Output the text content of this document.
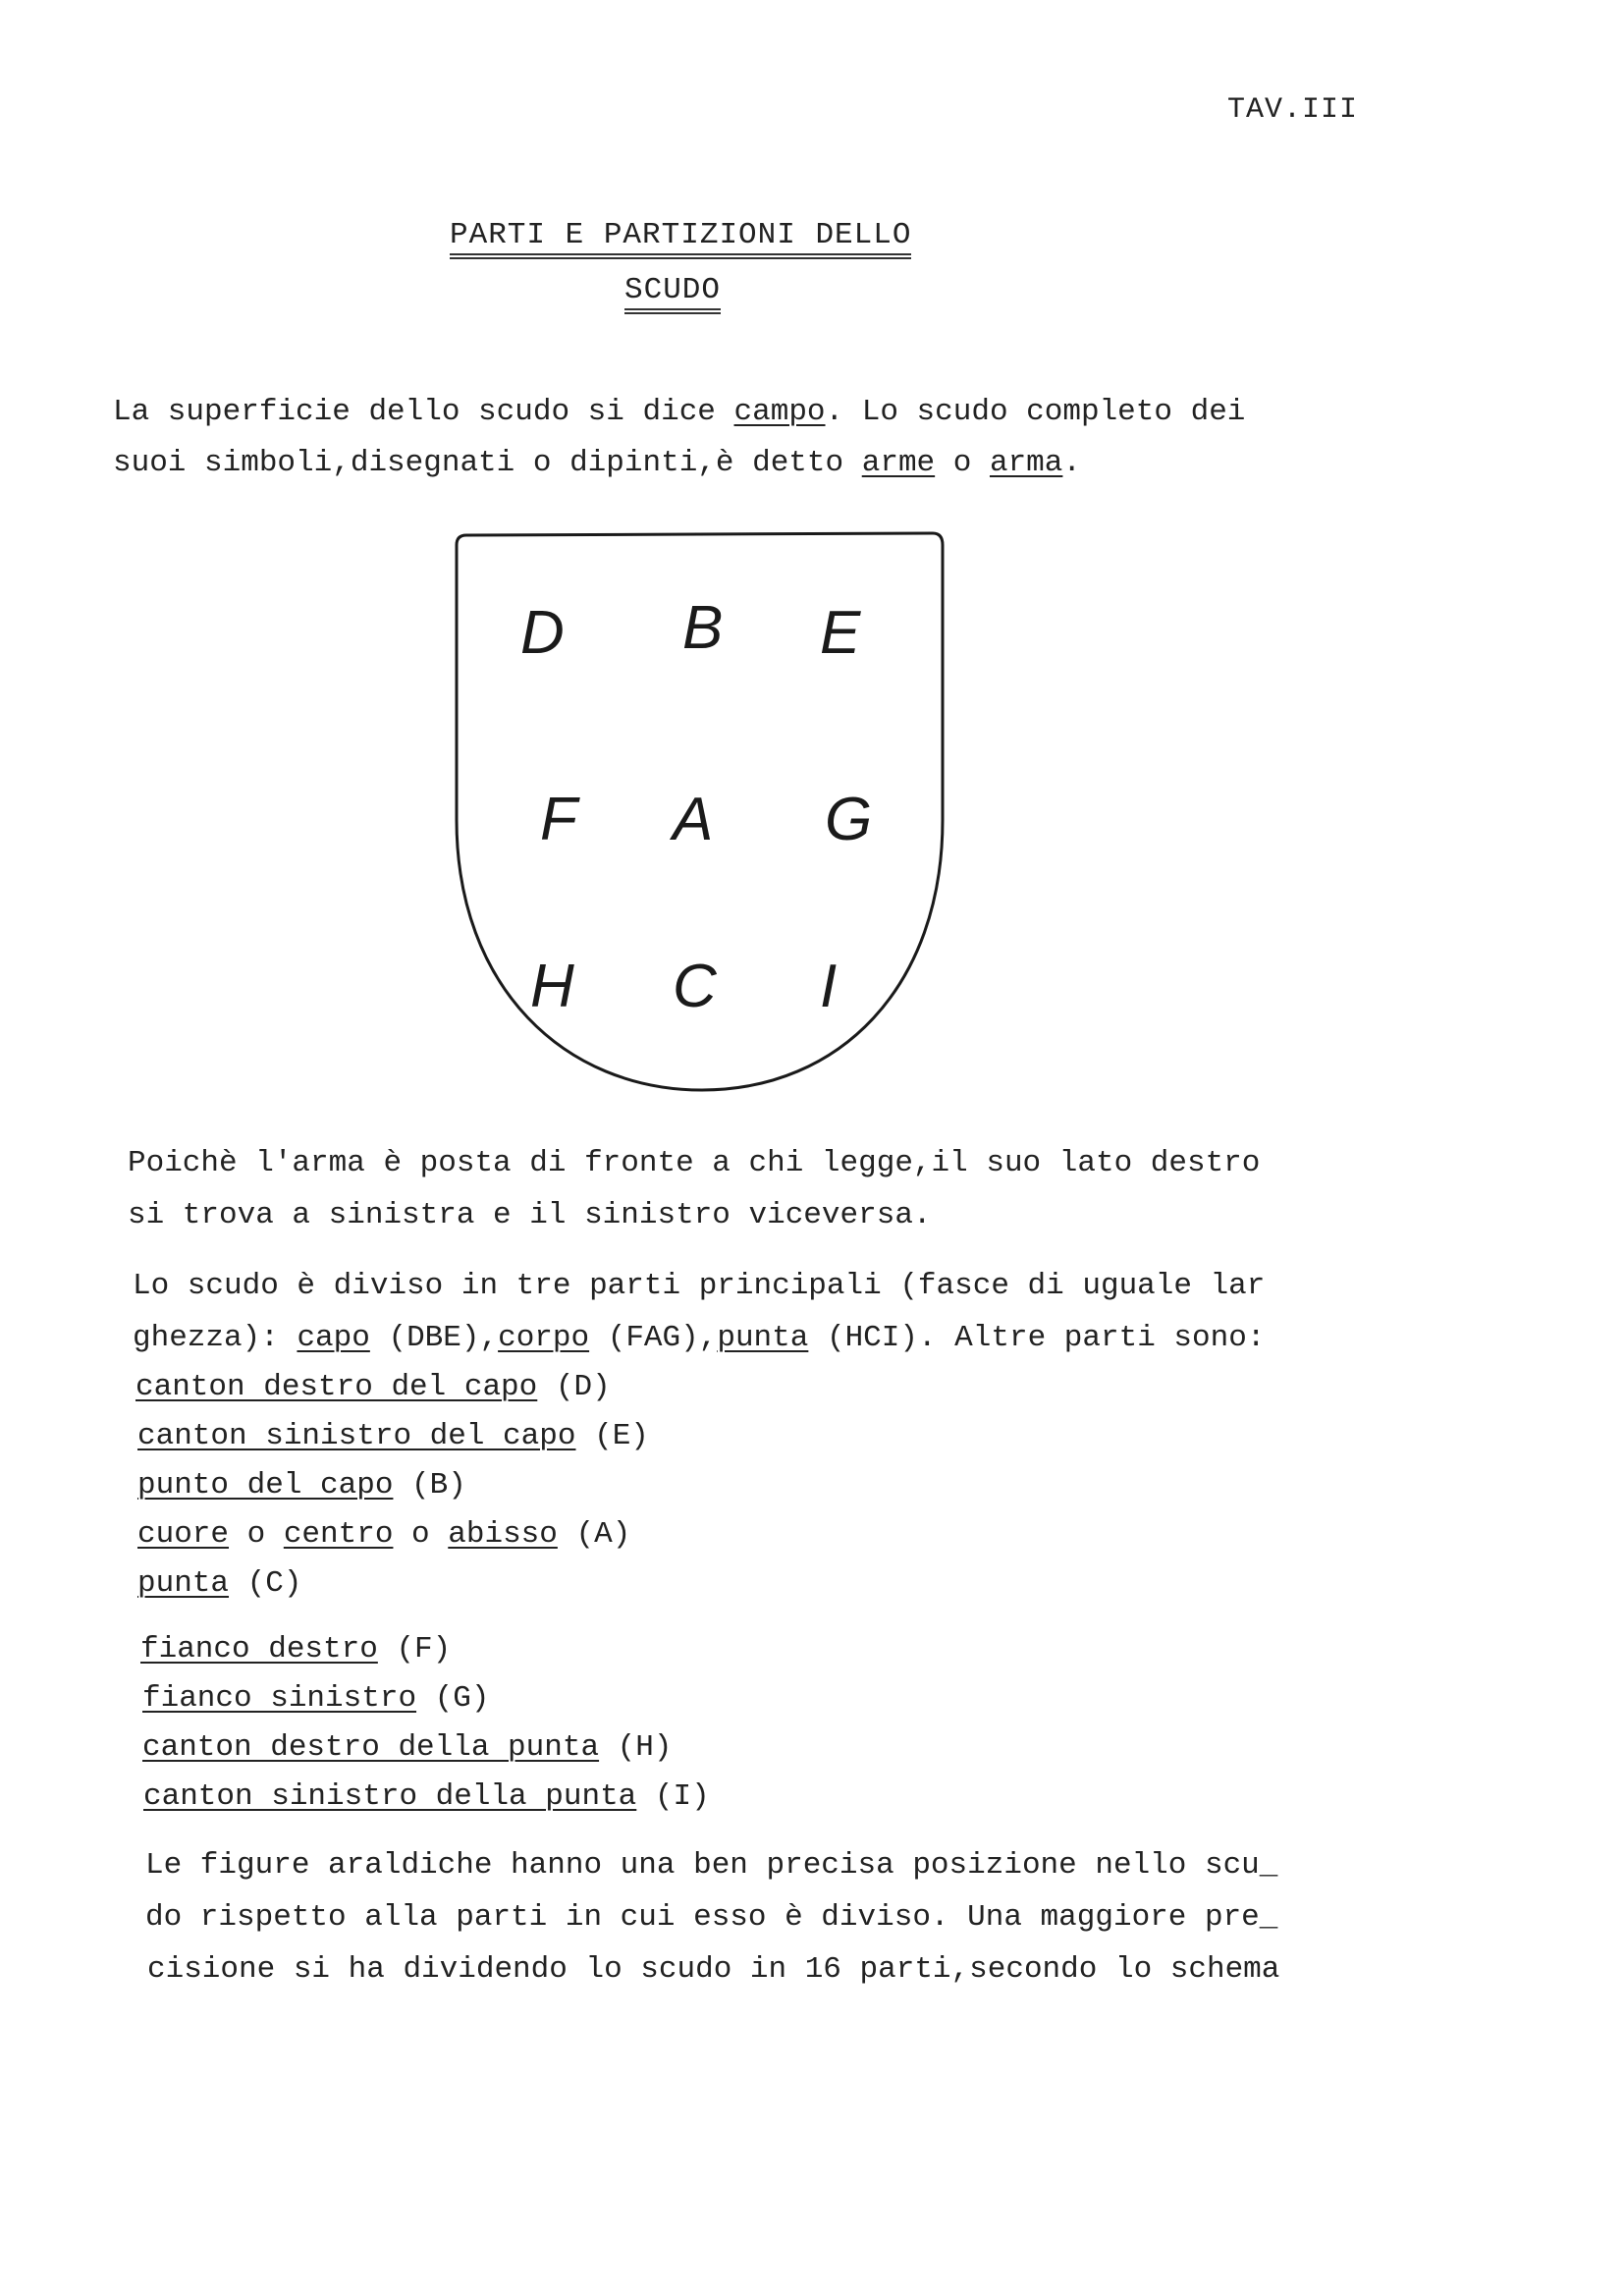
TAV.III
PARTI E PARTIZIONI DELLO
SCUDO
La superficie dello scudo si dice campo. Lo scudo completo dei
suoi simboli,disegnati o dipinti,è detto arme o arma.
D B E
F A G
H C I
Poichè l'arma è posta di fronte a chi legge,il suo lato destro
si trova a sinistra e il sinistro viceversa.
Lo scudo è diviso in tre parti principali (fasce di uguale lar
ghezza): capo (DBE),corpo (FAG),punta (HCI). Altre parti sono:
canton destro del capo (D)
canton sinistro del capo (E)
punto del capo (B)
cuore o centro o abisso (A)
punta (C)
fianco destro (F)
fianco sinistro (G)
canton destro della punta (H)
canton sinistro della punta (I)
Le figure araldiche hanno una ben precisa posizione nello scu_
do rispetto alla parti in cui esso è diviso. Una maggiore pre_
cisione si ha dividendo lo scudo in 16 parti,secondo lo schema
